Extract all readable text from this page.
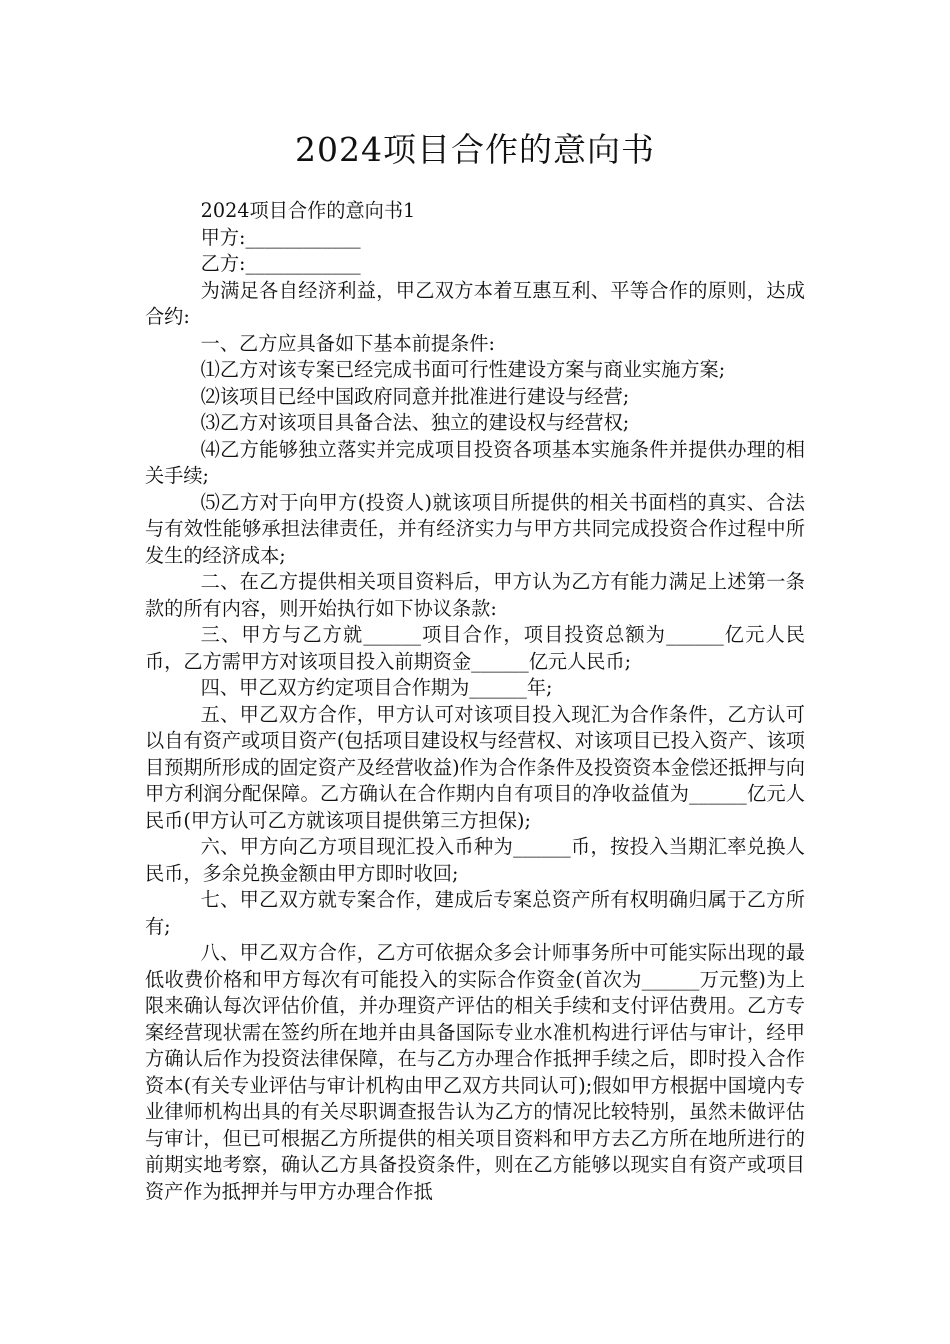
2024项目合作的意向书

2024项目合作的意向书1

甲方:____________

乙方:____________

为满足各自经济利益，甲乙双方本着互惠互利、平等合作的原则，达成合约:

一、乙方应具备如下基本前提条件:

⑴乙方对该专案已经完成书面可行性建设方案与商业实施方案;

⑵该项目已经中国政府同意并批准进行建设与经营;

⑶乙方对该项目具备合法、独立的建设权与经营权;

⑷乙方能够独立落实并完成项目投资各项基本实施条件并提供办理的相关手续;

⑸乙方对于向甲方(投资人)就该项目所提供的相关书面档的真实、合法与有效性能够承担法律责任，并有经济实力与甲方共同完成投资合作过程中所发生的经济成本;

二、在乙方提供相关项目资料后，甲方认为乙方有能力满足上述第一条款的所有内容，则开始执行如下协议条款:

三、甲方与乙方就______项目合作，项目投资总额为______亿元人民币，乙方需甲方对该项目投入前期资金______亿元人民币;

四、甲乙双方约定项目合作期为______年;

五、甲乙双方合作，甲方认可对该项目投入现汇为合作条件，乙方认可以自有资产或项目资产(包括项目建设权与经营权、对该项目已投入资产、该项目预期所形成的固定资产及经营收益)作为合作条件及投资资本金偿还抵押与向甲方利润分配保障。乙方确认在合作期内自有项目的净收益值为______亿元人民币(甲方认可乙方就该项目提供第三方担保);

六、甲方向乙方项目现汇投入币种为______币，按投入当期汇率兑换人民币，多余兑换金额由甲方即时收回;

七、甲乙双方就专案合作，建成后专案总资产所有权明确归属于乙方所有;

八、甲乙双方合作，乙方可依据众多会计师事务所中可能实际出现的最低收费价格和甲方每次有可能投入的实际合作资金(首次为______万元整)为上限来确认每次评估价值，并办理资产评估的相关手续和支付评估费用。乙方专案经营现状需在签约所在地并由具备国际专业水准机构进行评估与审计，经甲方确认后作为投资法律保障，在与乙方办理合作抵押手续之后，即时投入合作资本(有关专业评估与审计机构由甲乙双方共同认可);假如甲方根据中国境内专业律师机构出具的有关尽职调查报告认为乙方的情况比较特别，虽然未做评估与审计，但已可根据乙方所提供的相关项目资料和甲方去乙方所在地所进行的前期实地考察，确认乙方具备投资条件，则在乙方能够以现实自有资产或项目资产作为抵押并与甲方办理合作抵
